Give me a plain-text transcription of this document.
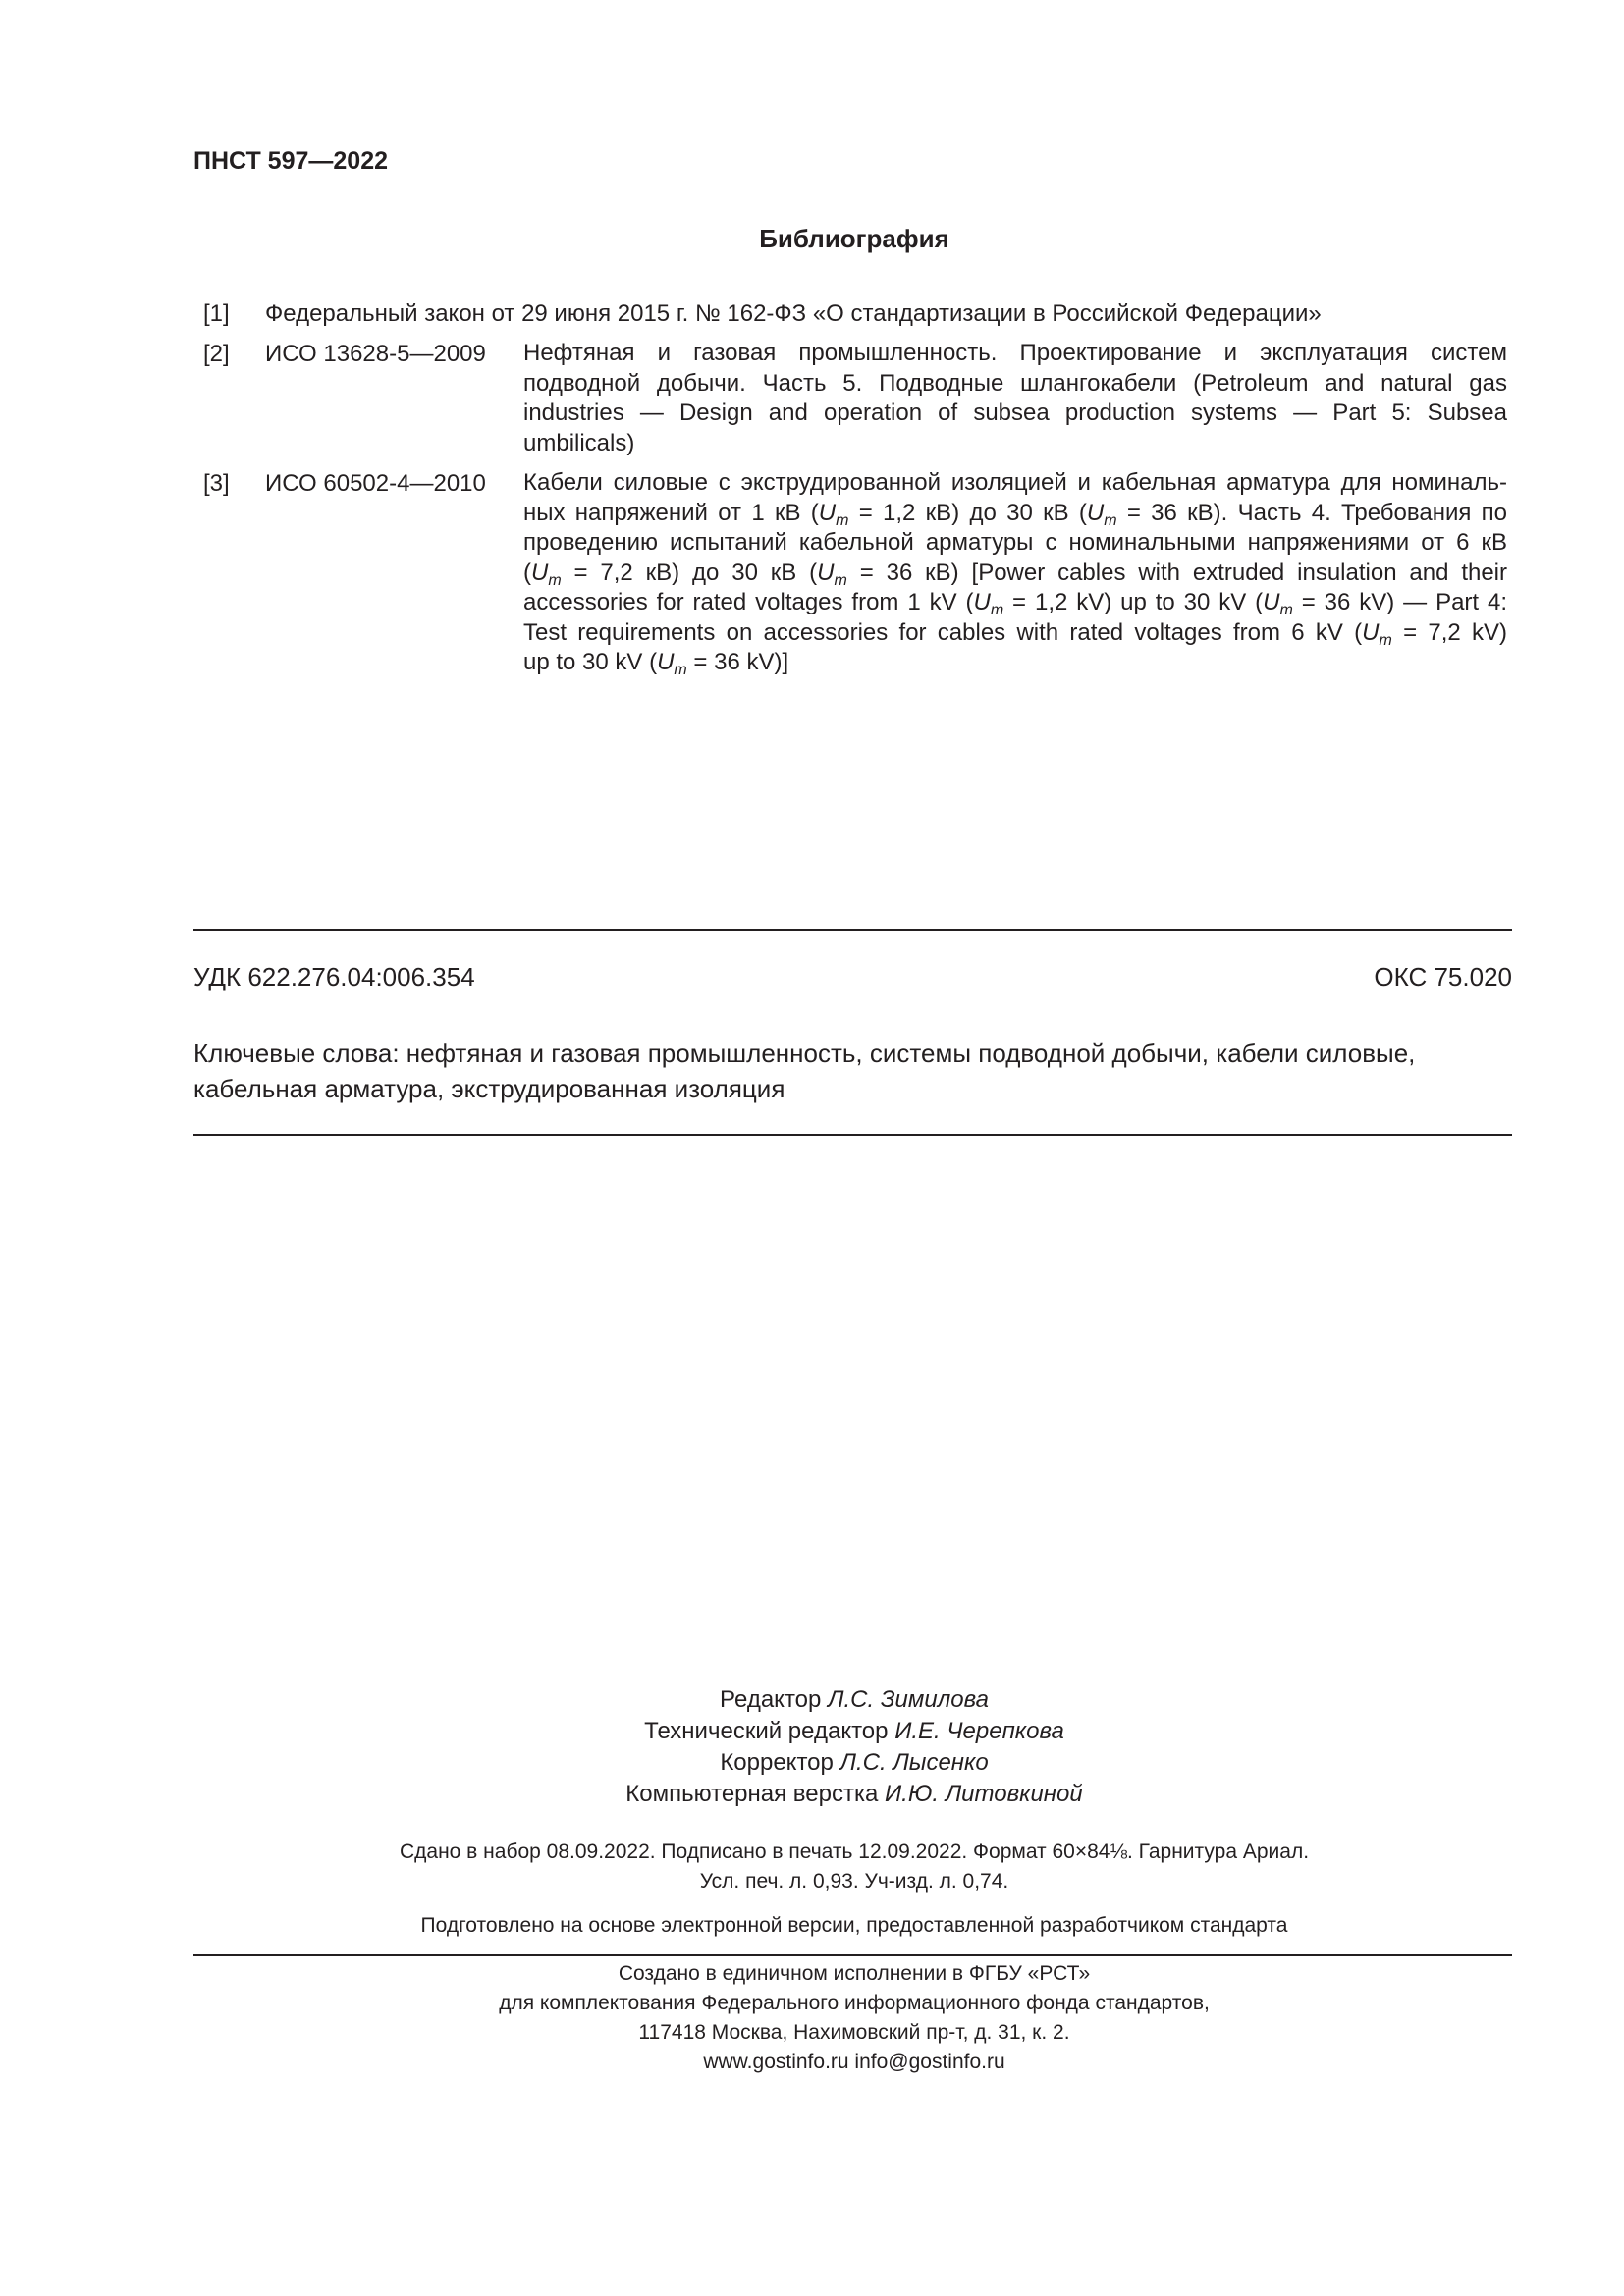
ПНСТ 597—2022
Библиография
[1] Федеральный закон от 29 июня 2015 г. № 162-ФЗ «О стандартизации в Российской Федерации»
[2] ИСО 13628-5—2009 Нефтяная и газовая промышленность. Проектирование и эксплуатация систем
подводной добычи. Часть 5. Подводные шлангокабели (Petroleum and natural gas
industries — Design and operation of subsea production systems — Part 5: Subsea
umbilicals)
[3] ИСО 60502-4—2010 Кабели силовые с экструдированной изоляцией и кабельная арматура для номиналь-
ных напряжений от 1 кВ ($U_m = 1,2$ кВ) до 30 кВ ($U_m = 36$ кВ). Часть 4. Требования по
проведению испытаний кабельной арматуры с номинальными напряжениями от 6 кВ
($U_m = 7,2$ кВ) до 30 кВ ($U_m = 36$ кВ) [Power cables with extruded insulation and their
accessories for rated voltages from 1 kV ($U_m = 1,2$ kV) up to 30 kV ($U_m = 36$ kV) — Part 4:
Test requirements on accessories for cables with rated voltages from 6 kV ($U_m = 7,2$ kV)
up to 30 kV ($U_m = 36$ kV)]
УДК 622.276.04:006.354	ОКС 75.020
Ключевые слова: нефтяная и газовая промышленность, системы подводной добычи, кабели силовые, кабельная арматура, экструдированная изоляция
Редактор Л.С. Зимилова
Технический редактор И.Е. Черепкова
Корректор Л.С. Лысенко
Компьютерная верстка И.Ю. Литовкиной
Сдано в набор 08.09.2022. Подписано в печать 12.09.2022. Формат 60×84⅛. Гарнитура Ариал.
Усл. печ. л. 0,93. Уч-изд. л. 0,74.
Подготовлено на основе электронной версии, предоставленной разработчиком стандарта
Создано в единичном исполнении в ФГБУ «РСТ»
для комплектования Федерального информационного фонда стандартов,
117418 Москва, Нахимовский пр-т, д. 31, к. 2.
www.gostinfo.ru info@gostinfo.ru
